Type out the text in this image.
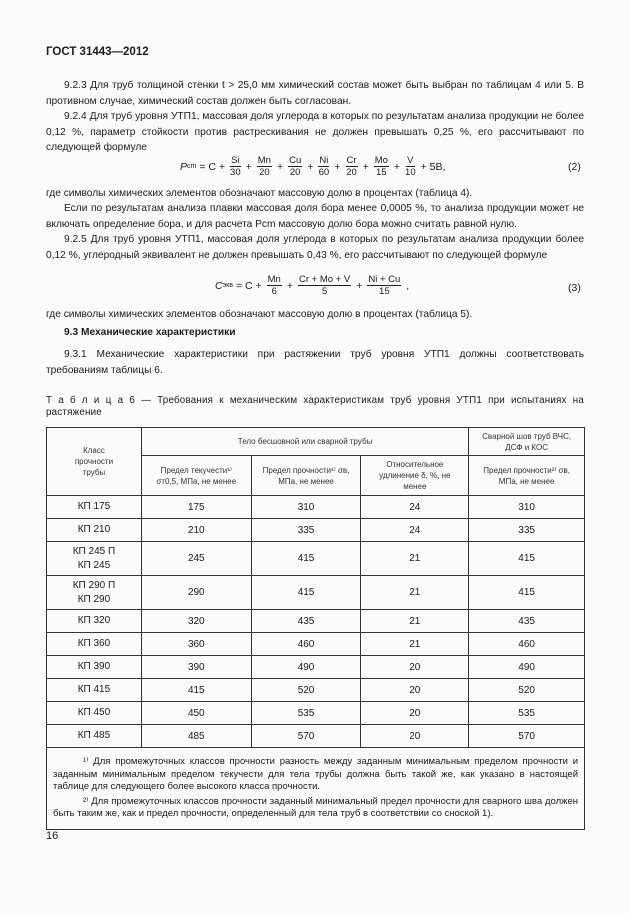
ГОСТ 31443—2012
9.2.3 Для труб толщиной стенки t > 25,0 мм химический состав может быть выбран по таблицам 4 или 5. В противном случае, химический состав должен быть согласован.
9.2.4 Для труб уровня УТП1, массовая доля углерода в которых по результатам анализа продукции не более 0,12 %, параметр стойкости против растрескивания не должен превышать 0,25 %, его рассчитывают по следующей формуле
P cm = $C + \frac{Si}{30} + \frac{Mn}{20} + \frac{Cu}{20} + \frac{Ni}{60} + \frac{Cr}{20} + \frac{Mo}{15} + \frac{V}{10} + 5B$,	(2)
где символы химических элементов обозначают массовую долю в процентах (таблица 4).
Если по результатам анализа плавки массовая доля бора менее 0,0005 %, то анализа продукции может не включать определение бора, и для расчета Pcm массовую долю бора можно считать равной нулю.
9.2.5 Для труб уровня УТП1, массовая доля углерода в которых по результатам анализа продукции более 0,12 %, углеродный эквивалент не должен превышать 0,43 %, его рассчитывают по следующей формуле
C экв = $C + \frac{Mn}{6} + \frac{Cr + Mo + V}{5} + \frac{Ni + Cu}{15}$ ,	(3)
где символы химических элементов обозначают массовую долю в процентах (таблица 5).
9.3 Механические характеристики
9.3.1 Механические характеристики при растяжении труб уровня УТП1 должны соответствовать требованиям таблицы 6.
Т а б л и ц а 6 — Требования к механическим характеристикам труб уровня УТП1 при испытаниях на растяжение
Класс прочности трубы	Тело бесшовной или сварной трубы			Сварной шов труб ВЧС, ДСФ и КОС
	Предел текучести¹⁾ σт0,5, МПа, не менее	Предел прочности¹⁾ σв, МПа, не менее	Относительное удлинение δ, %, не менее	Предел прочности²⁾ σв, МПа, не менее
КП 175	175	310	24	310
КП 210	210	335	24	335
КП 245 П
КП 245	245	415	21	415
КП 290 П
КП 290	290	415	21	415
КП 320	320	435	21	435
КП 360	360	460	21	460
КП 390	390	490	20	490
КП 415	415	520	20	520
КП 450	450	535	20	535
КП 485	485	570	20	570

¹⁾ Для промежуточных классов прочности разность между заданным минимальным пределом прочности и заданным минимальным пределом текучести для тела трубы должна быть такой же, как указано в настоящей таблице для следующего более высокого класса прочности.

²⁾ Для промежуточных классов прочности заданный минимальный предел прочности для сварного шва должен быть таким же, как и предел прочности, определенный для тела труб в соответствии со сноской 1).				

16
